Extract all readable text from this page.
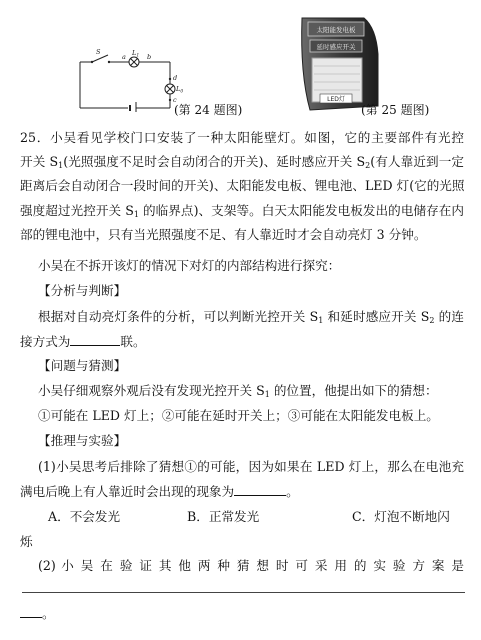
S
a $L_1$ b
d
$L_0$
c
(第 24 题图)
太阳能发电板
延时感应开关
LED灯
(第 25 题图)
25．小吴看见学校门口安装了一种太阳能壁灯。如图，它的主要部件有光控
开关 $S_1$(光照强度不足时会自动闭合的开关)、延时感应开关 $S_2$(有人靠近到一定
距离后会自动闭合一段时间的开关)、太阳能发电板、锂电池、LED 灯(它的光照
强度超过光控开关 $S_1$ 的临界点)、支架等。白天太阳能发电板发出的电储存在内
部的锂电池中，只有当光照强度不足、有人靠近时才会自动亮灯 3 分钟。
小吴在不拆开该灯的情况下对灯的内部结构进行探究：
【分析与判断】
根据对自动亮灯条件的分析，可以判断光控开关 $S_1$ 和延时感应开关 $S_2$ 的连
接方式为	联。
【问题与猜测】
小吴仔细观察外观后没有发现光控开关 $S_1$ 的位置，他提出如下的猜想：
①可能在 LED 灯上；②可能在延时开关上；③可能在太阳能发电板上。
【推理与实验】
(1)小吴思考后排除了猜想①的可能，因为如果在 LED 灯上，那么在电池充
满电后晚上有人靠近时会出现的现象为	。
A．不会发光	B．正常发光	C．灯泡不断地闪
烁
(2) 小 吴 在 验 证 其 他 两 种 猜 想 时 可 采 用 的 实 验 方 案 是
。
